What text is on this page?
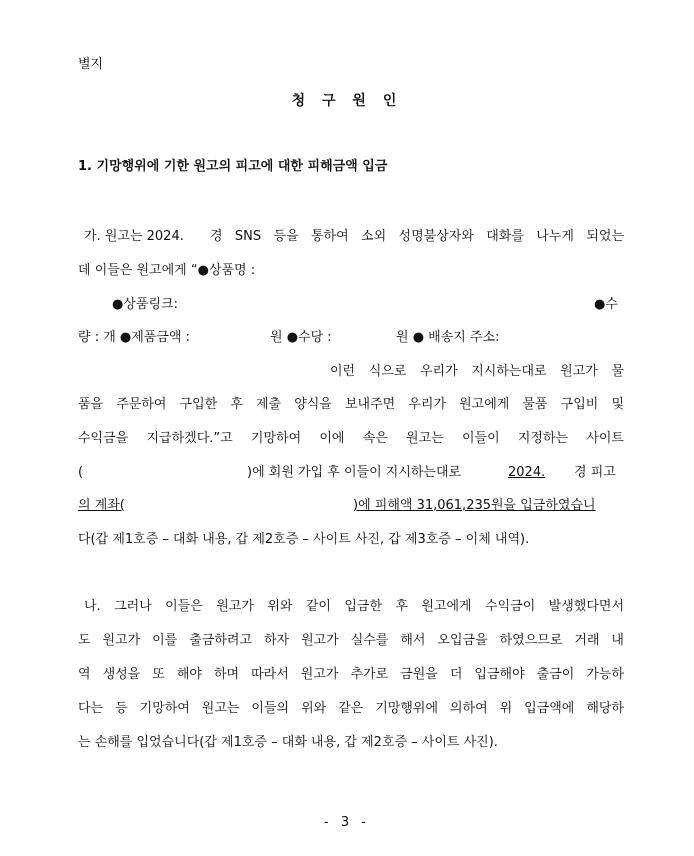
별지
청 구 원 인
1. 기망행위에 기한 원고의 피고에 대한 피해금액 입금
가. 원고는 2024. 경 SNS 등을 통하여 소외 성명불상자와 대화를 나누게 되었는
데 이들은 원고에게 “●상품명 :
●상품링크:	●수
량 : 개 ●제품금액 :	원 ●수당 :	원 ● 배송지 주소:
이런 식으로 우리가 지시하는대로 원고가 물
품을 주문하여 구입한 후 제출 양식을 보내주면 우리가 원고에게 물품 구입비 및
수익금을 지급하겠다.”고 기망하여 이에 속은 원고는 이들이 지정하는 사이트
(	)에 회원 가입 후 이들이 지시하는대로	2024. 경 피고
의 계좌(	)에 피해액 31,061,235원을 입금하였습니
다(갑 제1호증 – 대화 내용, 갑 제2호증 – 사이트 사진, 갑 제3호증 – 이체 내역).
나. 그러나 이들은 원고가 위와 같이 입금한 후 원고에게 수익금이 발생했다면서
도 원고가 이를 출금하려고 하자 원고가 실수를 해서 오입금을 하였으므로 거래 내
역 생성을 또 해야 하며 따라서 원고가 추가로 금원을 더 입금해야 출금이 가능하
다는 등 기망하여 원고는 이들의 위와 같은 기망행위에 의하여 위 입금액에 해당하
는 손해를 입었습니다(갑 제1호증 – 대화 내용, 갑 제2호증 – 사이트 사진).
- 3 -
